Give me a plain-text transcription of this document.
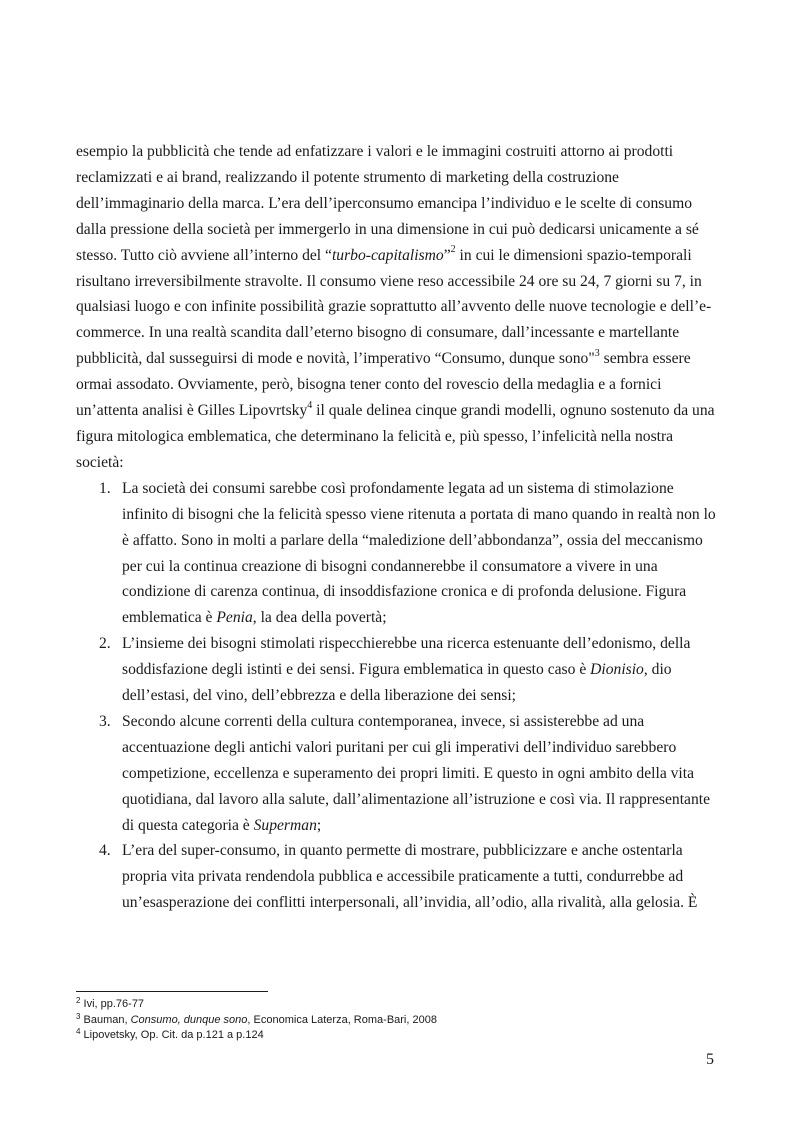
esempio la pubblicità che tende ad enfatizzare i valori e le immagini costruiti attorno ai prodotti reclamizzati e ai brand, realizzando il potente strumento di marketing della costruzione dell’immaginario della marca. L’era dell’iperconsumo emancipa l’individuo e le scelte di consumo dalla pressione della società per immergerlo in una dimensione in cui può dedicarsi unicamente a sé stesso. Tutto ciò avviene all’interno del “turbo-capitalismo”$^2$ in cui le dimensioni spazio-temporali risultano irreversibilmente stravolte. Il consumo viene reso accessibile 24 ore su 24, 7 giorni su 7, in qualsiasi luogo e con infinite possibilità grazie soprattutto all’avvento delle nuove tecnologie e dell’e-commerce. In una realtà scandita dall’eterno bisogno di consumare, dall’incessante e martellante pubblicità, dal susseguirsi di mode e novità, l’imperativo “Consumo, dunque sono"$^3$ sembra essere ormai assodato. Ovviamente, però, bisogna tener conto del rovescio della medaglia e a fornici un’attenta analisi è Gilles Lipovrtsky$^4$ il quale delinea cinque grandi modelli, ognuno sostenuto da una figura mitologica emblematica, che determinano la felicità e, più spesso, l’infelicità nella nostra società:

1. La società dei consumi sarebbe così profondamente legata ad un sistema di stimolazione infinito di bisogni che la felicità spesso viene ritenuta a portata di mano quando in realtà non lo è affatto. Sono in molti a parlare della “maledizione dell’abbondanza”, ossia del meccanismo per cui la continua creazione di bisogni condannerebbe il consumatore a vivere in una condizione di carenza continua, di insoddisfazione cronica e di profonda delusione. Figura emblematica è Penia, la dea della povertà;
2. L’insieme dei bisogni stimolati rispecchierebbe una ricerca estenuante dell’edonismo, della soddisfazione degli istinti e dei sensi. Figura emblematica in questo caso è Dionisio, dio dell’estasi, del vino, dell’ebbrezza e della liberazione dei sensi;
3. Secondo alcune correnti della cultura contemporanea, invece, si assisterebbe ad una accentuazione degli antichi valori puritani per cui gli imperativi dell’individuo sarebbero competizione, eccellenza e superamento dei propri limiti. E questo in ogni ambito della vita quotidiana, dal lavoro alla salute, dall’alimentazione all’istruzione e così via. Il rappresentante di questa categoria è Superman;
4. L’era del super-consumo, in quanto permette di mostrare, pubblicizzare e anche ostentarla propria vita privata rendendola pubblica e accessibile praticamente a tutti, condurrebbe ad un’esasperazione dei conflitti interpersonali, all’invidia, all’odio, alla rivalità, alla gelosia. È

$^2$ Ivi, pp.76-77

$^3$ Bauman, Consumo, dunque sono, Economica Laterza, Roma-Bari, 2008

$^4$ Lipovetsky, Op. Cit. da p.121 a p.124

5
